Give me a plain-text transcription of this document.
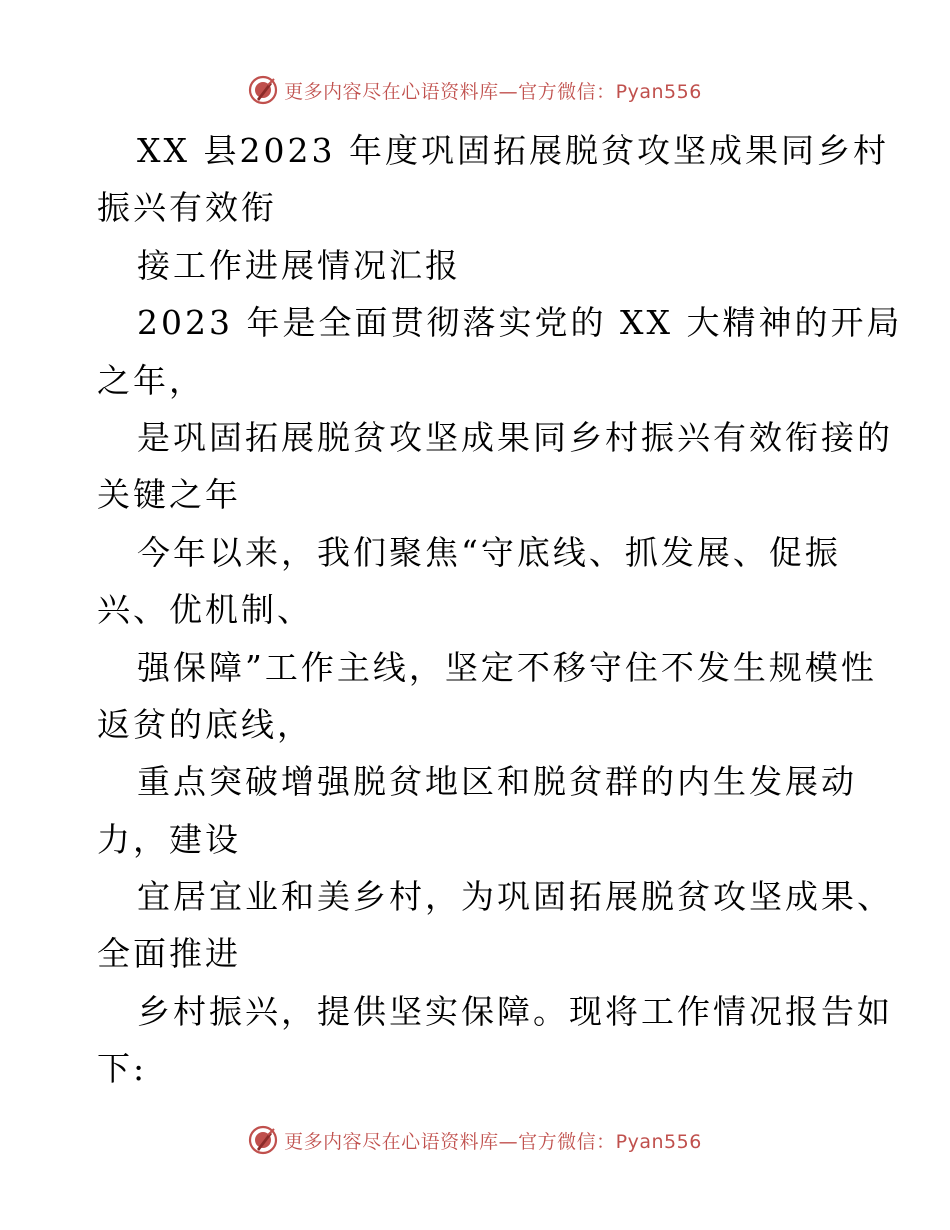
更多内容尽在心语资料库—官方微信：Pyan556
XX 县2023 年度巩固拓展脱贫攻坚成果同乡村
振兴有效衔
接工作进展情况汇报
2023 年是全面贯彻落实党的 XX 大精神的开局
之年，
是巩固拓展脱贫攻坚成果同乡村振兴有效衔接的
关键之年
今年以来，我们聚焦“守底线、抓发展、促振
兴、优机制、
强保障”工作主线，坚定不移守住不发生规模性
返贫的底线，
重点突破增强脱贫地区和脱贫群的内生发展动
力，建设
宜居宜业和美乡村，为巩固拓展脱贫攻坚成果、
全面推进
乡村振兴，提供坚实保障。现将工作情况报告如
下:
更多内容尽在心语资料库—官方微信：Pyan556
